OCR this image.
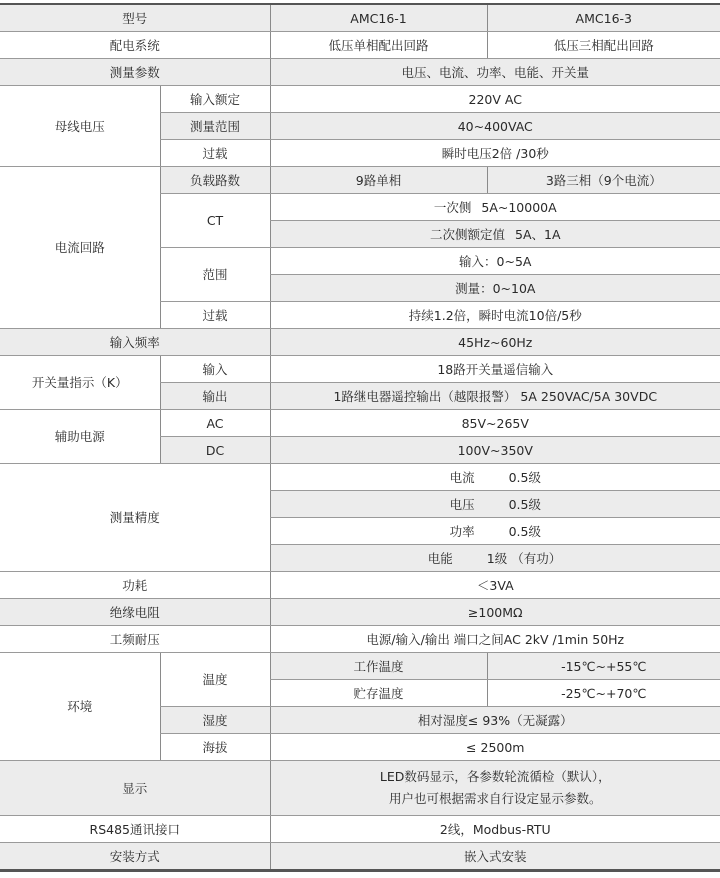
型号		AMC16-1	AMC16-3
配电系统		低压单相配出回路	低压三相配出回路
测量参数		电压、电流、功率、电能、开关量	
母线电压	输入额定	220V AC	
	测量范围	40~400VAC	
	过载	瞬时电压2倍 /30秒	
电流回路	负载路数	9路单相	3路三相（9个电流）
	CT	一次侧 5A~10000A	
		二次侧额定值 5A、1A	
	范围	输入：0~5A	
		测量：0~10A	
	过载	持续1.2倍，瞬时电流10倍/5秒	
输入频率		45Hz~60Hz	
开关量指示（K）	输入	18路开关量遥信输入	
	输出	1路继电器遥控输出（越限报警） 5A 250VAC/5A 30VDC	
辅助电源	AC	85V~265V	
	DC	100V~350V	
测量精度		电流 0.5级	
		电压 0.5级	
		功率 0.5级	
		电能 1级 （有功）	
功耗		＜3VA	
绝缘电阻		≥100MΩ	
工频耐压		电源/输入/输出 端口之间AC 2kV /1min 50Hz	
环境	温度	工作温度	-15℃~+55℃
		贮存温度	-25℃~+70℃
	湿度	相对湿度≤ 93%（无凝露）	
	海拔	≤ 2500m	
显示		LED数码显示，各参数轮流循检（默认），
用户也可根据需求自行设定显示参数。	

RS485通讯接口		2线，Modbus-RTU	
安装方式		嵌入式安装	
